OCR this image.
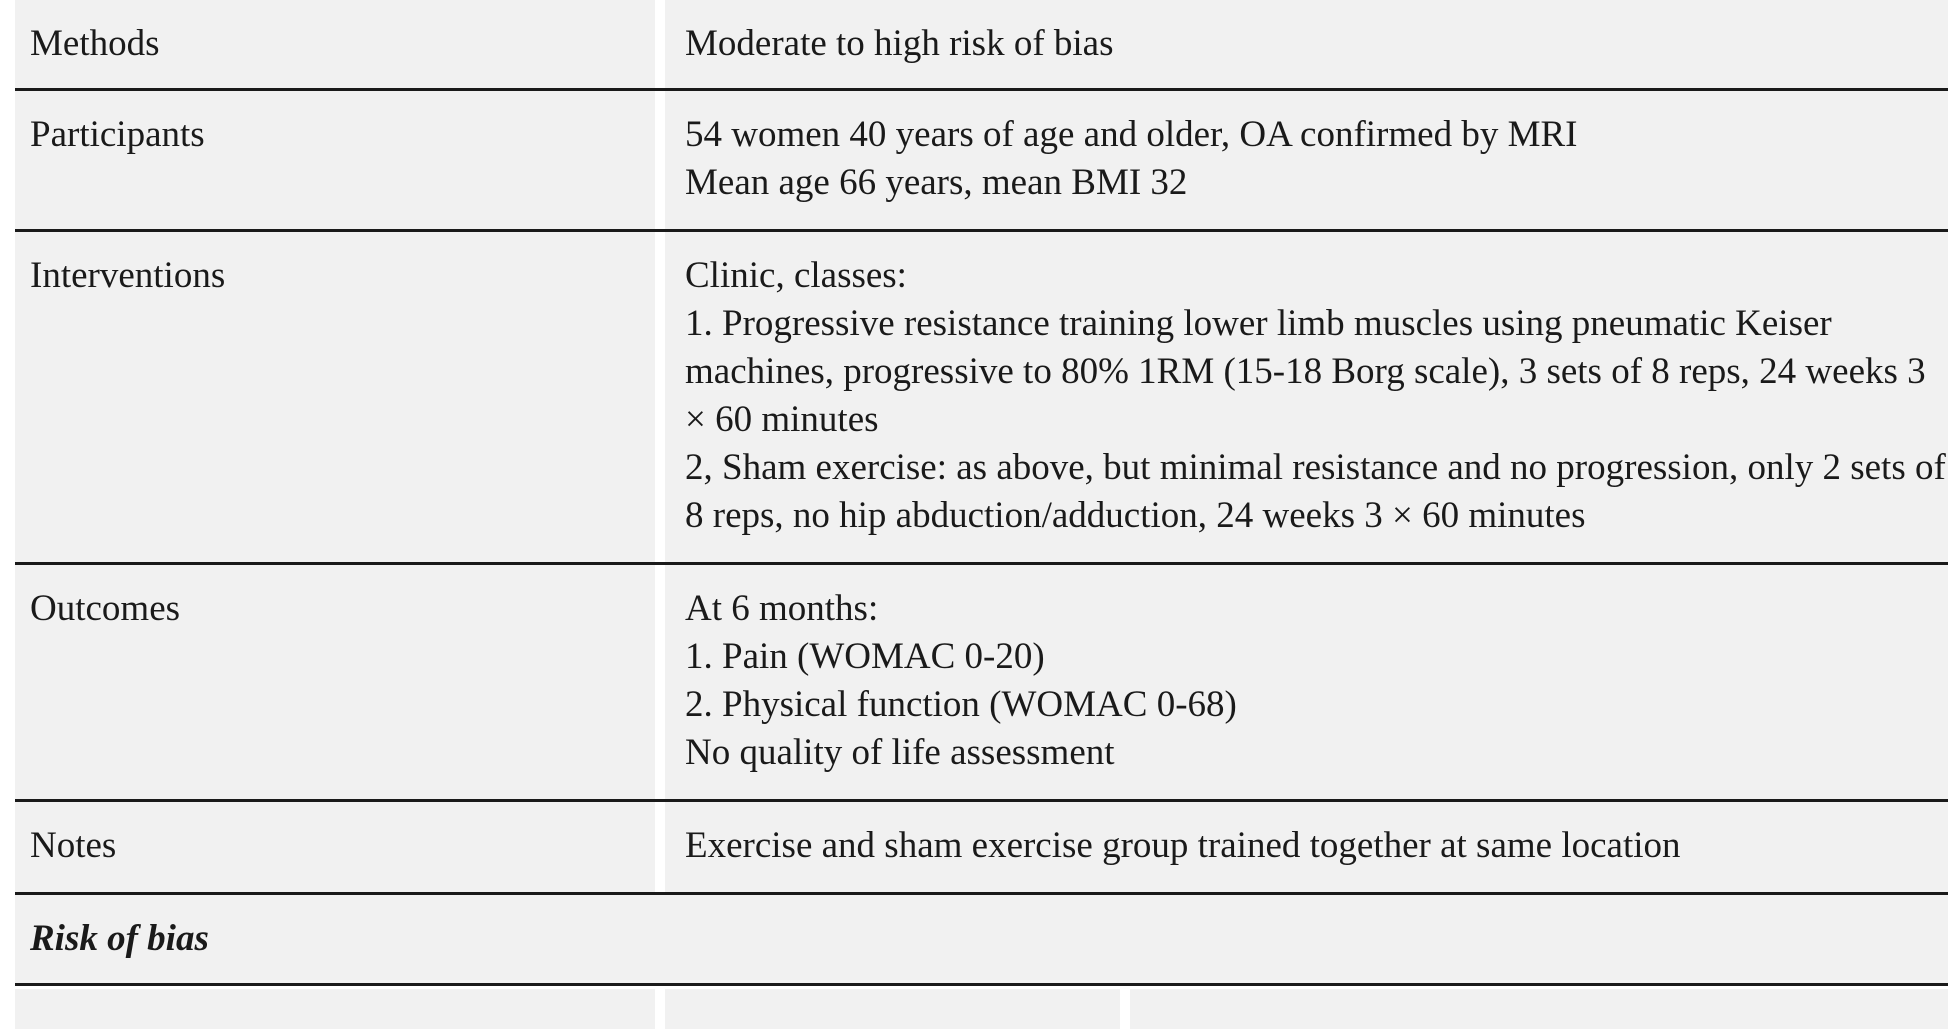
Methods	Moderate to high risk of bias
Participants	54 women 40 years of age and older, OA confirmed by MRI
Mean age 66 years, mean BMI 32
Interventions	Clinic, classes:
1. Progressive resistance training lower limb muscles using pneumatic Keiser machines, progressive to 80% 1RM (15-18 Borg scale), 3 sets of 8 reps, 24 weeks 3 × 60 minutes
2, Sham exercise: as above, but minimal resistance and no progression, only 2 sets of 8 reps, no hip abduction/adduction, 24 weeks 3 × 60 minutes
Outcomes	At 6 months:
1. Pain (WOMAC 0-20)
2. Physical function (WOMAC 0-68)
No quality of life assessment
Notes	Exercise and sham exercise group trained together at same location
Risk of bias
